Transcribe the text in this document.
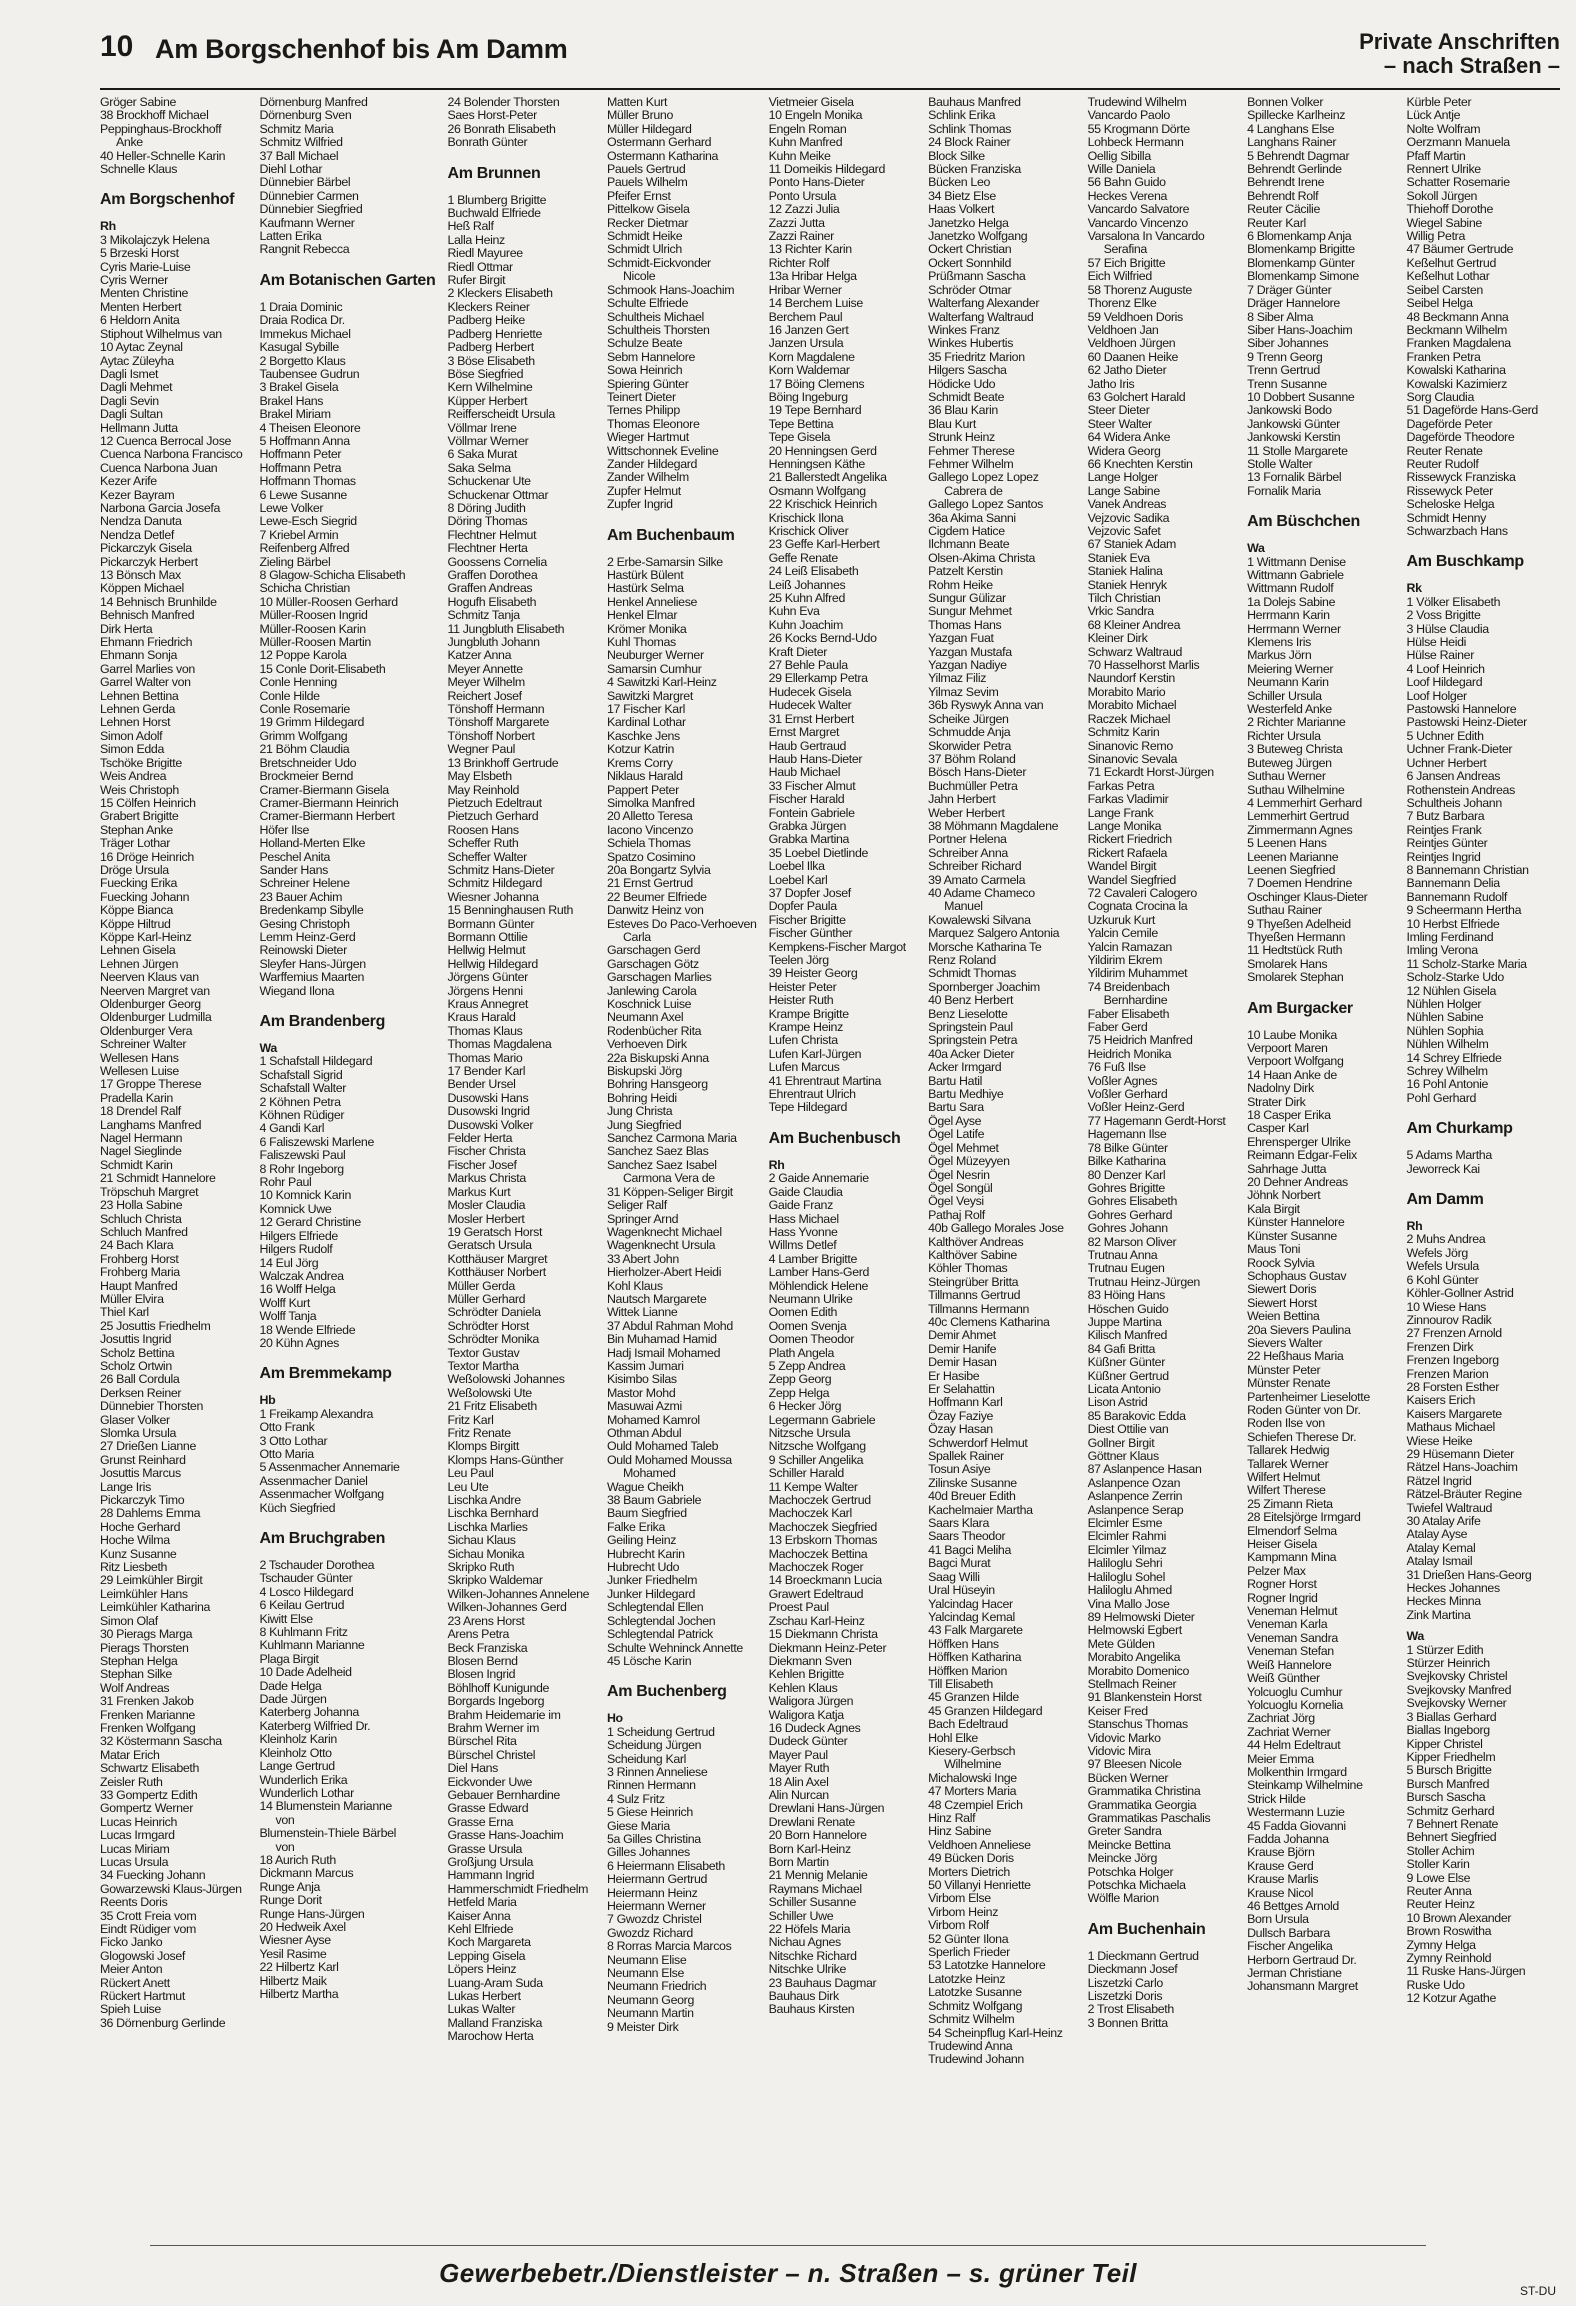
10 Am Borgschenhof bis Am Damm	Private Anschriften
– nach Straßen –
Gröger Sabine
38 Brockhoff Michael
Peppinghaus-Brockhoff
Anke
40 Heller-Schnelle Karin
Schnelle Klaus
Am Borgschenhof
Rh
3 Mikolajczyk Helena
5 Brzeski Horst
Cyris Marie-Luise
Cyris Werner
Menten Christine
Menten Herbert
6 Heldorn Anita
Stiphout Wilhelmus van
10 Aytac Zeynal
Aytac Züleyha
Dagli Ismet
Dagli Mehmet
Dagli Sevin
Dagli Sultan
Hellmann Jutta
12 Cuenca Berrocal Jose
Cuenca Narbona Francisco
Cuenca Narbona Juan
Kezer Arife
Kezer Bayram
Narbona Garcia Josefa
Nendza Danuta
Nendza Detlef
Pickarczyk Gisela
Pickarczyk Herbert
13 Bönsch Max
Köppen Michael
14 Behnisch Brunhilde
Behnisch Manfred
Dirk Herta
Ehmann Friedrich
Ehmann Sonja
Garrel Marlies von
Garrel Walter von
Lehnen Bettina
Lehnen Gerda
Lehnen Horst
Simon Adolf
Simon Edda
Tschöke Brigitte
Weis Andrea
Weis Christoph
15 Cölfen Heinrich
Grabert Brigitte
Stephan Anke
Träger Lothar
16 Dröge Heinrich
Dröge Ursula
Fuecking Erika
Fuecking Johann
Köppe Bianca
Köppe Hiltrud
Köppe Karl-Heinz
Lehnen Gisela
Lehnen Jürgen
Neerven Klaus van
Neerven Margret van
Oldenburger Georg
Oldenburger Ludmilla
Oldenburger Vera
Schreiner Walter
Wellesen Hans
Wellesen Luise
17 Groppe Therese
Pradella Karin
18 Drendel Ralf
Langhams Manfred
Nagel Hermann
Nagel Sieglinde
Schmidt Karin
21 Schmidt Hannelore
Tröpschuh Margret
23 Holla Sabine
Schluch Christa
Schluch Manfred
24 Bach Klara
Frohberg Horst
Frohberg Maria
Haupt Manfred
Müller Elvira
Thiel Karl
25 Josuttis Friedhelm
Josuttis Ingrid
Scholz Bettina
Scholz Ortwin
26 Ball Cordula
Derksen Reiner
Dünnebier Thorsten
Glaser Volker
Slomka Ursula
27 Drießen Lianne
Grunst Reinhard
Josuttis Marcus
Lange Iris
Pickarczyk Timo
28 Dahlems Emma
Hoche Gerhard
Hoche Wilma
Kunz Susanne
Ritz Liesbeth
29 Leimkühler Birgit
Leimkühler Hans
Leimkühler Katharina
Simon Olaf
30 Pierags Marga
Pierags Thorsten
Stephan Helga
Stephan Silke
Wolf Andreas
31 Frenken Jakob
Frenken Marianne
Frenken Wolfgang
32 Köstermann Sascha
Matar Erich
Schwartz Elisabeth
Zeisler Ruth
33 Gompertz Edith
Gompertz Werner
Lucas Heinrich
Lucas Irmgard
Lucas Miriam
Lucas Ursula
34 Fuecking Johann
Gowarzewski Klaus-Jürgen
Reents Doris
35 Crott Freia vom
Eindt Rüdiger vom
Ficko Janko
Glogowski Josef
Meier Anton
Rückert Anett
Rückert Hartmut
Spieh Luise
36 Dörnenburg Gerlinde
Dörnenburg Manfred
Dörnenburg Sven
Schmitz Maria
Schmitz Wilfried
37 Ball Michael
Diehl Lothar
Dünnebier Bärbel
Dünnebier Carmen
Dünnebier Siegfried
Kaufmann Werner
Latten Erika
Rangnit Rebecca
Am Botanischen Garten
1 Draia Dominic
Draia Rodica Dr.
Immekus Michael
Kasugal Sybille
2 Borgetto Klaus
Taubensee Gudrun
3 Brakel Gisela
Brakel Hans
Brakel Miriam
4 Theisen Eleonore
5 Hoffmann Anna
Hoffmann Peter
Hoffmann Petra
Hoffmann Thomas
6 Lewe Susanne
Lewe Volker
Lewe-Esch Siegrid
7 Kriebel Armin
Reifenberg Alfred
Zieling Bärbel
8 Glagow-Schicha Elisabeth
Schicha Christian
10 Müller-Roosen Gerhard
Müller-Roosen Ingrid
Müller-Roosen Karin
Müller-Roosen Martin
12 Poppe Karola
15 Conle Dorit-Elisabeth
Conle Henning
Conle Hilde
Conle Rosemarie
19 Grimm Hildegard
Grimm Wolfgang
21 Böhm Claudia
Bretschneider Udo
Brockmeier Bernd
Cramer-Biermann Gisela
Cramer-Biermann Heinrich
Cramer-Biermann Herbert
Höfer Ilse
Holland-Merten Elke
Peschel Anita
Sander Hans
Schreiner Helene
23 Bauer Achim
Bredenkamp Sibylle
Gesing Christoph
Lemm Heinz-Gerd
Reinowski Dieter
Sleyfer Hans-Jürgen
Warffemius Maarten
Wiegand Ilona
Am Brandenberg
Wa
1 Schafstall Hildegard
Schafstall Sigrid
Schafstall Walter
2 Köhnen Petra
Köhnen Rüdiger
4 Gandi Karl
6 Faliszewski Marlene
Faliszewski Paul
8 Rohr Ingeborg
Rohr Paul
10 Komnick Karin
Komnick Uwe
12 Gerard Christine
Hilgers Elfriede
Hilgers Rudolf
14 Eul Jörg
Walczak Andrea
16 Wolff Helga
Wolff Kurt
Wolff Tanja
18 Wende Elfriede
20 Kühn Agnes
Am Bremmekamp
Hb
1 Freikamp Alexandra
Otto Frank
3 Otto Lothar
Otto Maria
5 Assenmacher Annemarie
Assenmacher Daniel
Assenmacher Wolfgang
Küch Siegfried
Am Bruchgraben
2 Tschauder Dorothea
Tschauder Günter
4 Losco Hildegard
6 Keilau Gertrud
Kiwitt Else
8 Kuhlmann Fritz
Kuhlmann Marianne
Plaga Birgit
10 Dade Adelheid
Dade Helga
Dade Jürgen
Katerberg Johanna
Katerberg Wilfried Dr.
Kleinholz Karin
Kleinholz Otto
Lange Gertrud
Wunderlich Erika
Wunderlich Lothar
14 Blumenstein Marianne
von
Blumenstein-Thiele Bärbel
von
18 Aurich Ruth
Dickmann Marcus
Runge Anja
Runge Dorit
Runge Hans-Jürgen
20 Hedweik Axel
Wiesner Ayse
Yesil Rasime
22 Hilbertz Karl
Hilbertz Maik
Hilbertz Martha
24 Bolender Thorsten
Saes Horst-Peter
26 Bonrath Elisabeth
Bonrath Günter
Am Brunnen
1 Blumberg Brigitte
Buchwald Elfriede
Heß Ralf
Lalla Heinz
Riedl Mayuree
Riedl Ottmar
Rufer Birgit
2 Kleckers Elisabeth
Kleckers Reiner
Padberg Heike
Padberg Henriette
Padberg Herbert
3 Böse Elisabeth
Böse Siegfried
Kern Wilhelmine
Küpper Herbert
Reifferscheidt Ursula
Völlmar Irene
Völlmar Werner
6 Saka Murat
Saka Selma
Schuckenar Ute
Schuckenar Ottmar
8 Döring Judith
Döring Thomas
Flechtner Helmut
Flechtner Herta
Goossens Cornelia
Graffen Dorothea
Graffen Andreas
Hogufh Elisabeth
Schmitz Tanja
11 Jungbluth Elisabeth
Jungbluth Johann
Katzer Anna
Meyer Annette
Meyer Wilhelm
Reichert Josef
Tönshoff Hermann
Tönshoff Margarete
Tönshoff Norbert
Wegner Paul
13 Brinkhoff Gertrude
May Elsbeth
May Reinhold
Pietzuch Edeltraut
Pietzuch Gerhard
Roosen Hans
Scheffer Ruth
Scheffer Walter
Schmitz Hans-Dieter
Schmitz Hildegard
Wiesner Johanna
15 Benninghausen Ruth
Bormann Günter
Bormann Ottilie
Hellwig Helmut
Hellwig Hildegard
Jörgens Günter
Jörgens Henni
Kraus Annegret
Kraus Harald
Thomas Klaus
Thomas Magdalena
Thomas Mario
17 Bender Karl
Bender Ursel
Dusowski Hans
Dusowski Ingrid
Dusowski Volker
Felder Herta
Fischer Christa
Fischer Josef
Markus Christa
Markus Kurt
Mosler Claudia
Mosler Herbert
19 Geratsch Horst
Geratsch Ursula
Kotthäuser Margret
Kotthäuser Norbert
Müller Gerda
Müller Gerhard
Schrödter Daniela
Schrödter Horst
Schrödter Monika
Textor Gustav
Textor Martha
Weßolowski Johannes
Weßolowski Ute
21 Fritz Elisabeth
Fritz Karl
Fritz Renate
Klomps Birgitt
Klomps Hans-Günther
Leu Paul
Leu Ute
Lischka Andre
Lischka Bernhard
Lischka Marlies
Sichau Klaus
Sichau Monika
Skripko Ruth
Skripko Waldemar
Wilken-Johannes Annelene
Wilken-Johannes Gerd
23 Arens Horst
Arens Petra
Beck Franziska
Blosen Bernd
Blosen Ingrid
Böhlhoff Kunigunde
Borgards Ingeborg
Brahm Heidemarie im
Brahm Werner im
Bürschel Rita
Bürschel Christel
Diel Hans
Eickvonder Uwe
Gebauer Bernhardine
Grasse Edward
Grasse Erna
Grasse Hans-Joachim
Grasse Ursula
Großjung Ursula
Hammann Ingrid
Hammerschmidt Friedhelm
Hetfeld Maria
Kaiser Anna
Kehl Elfriede
Koch Margareta
Lepping Gisela
Löpers Heinz
Luang-Aram Suda
Lukas Herbert
Lukas Walter
Malland Franziska
Marochow Herta
Matten Kurt
Müller Bruno
Müller Hildegard
Ostermann Gerhard
Ostermann Katharina
Pauels Gertrud
Pauels Wilhelm
Pfeifer Ernst
Pittelkow Gisela
Recker Dietmar
Schmidt Heike
Schmidt Ulrich
Schmidt-Eickvonder
Nicole
Schmook Hans-Joachim
Schulte Elfriede
Schultheis Michael
Schultheis Thorsten
Schulze Beate
Sebm Hannelore
Sowa Heinrich
Spiering Günter
Teinert Dieter
Ternes Philipp
Thomas Eleonore
Wieger Hartmut
Wittschonnek Eveline
Zander Hildegard
Zander Wilhelm
Zupfer Helmut
Zupfer Ingrid
Am Buchenbaum
2 Erbe-Samarsin Silke
Hastürk Bülent
Hastürk Selma
Henkel Anneliese
Henkel Elmar
Krömer Monika
Kuhl Thomas
Neuburger Werner
Samarsin Cumhur
4 Sawitzki Karl-Heinz
Sawitzki Margret
17 Fischer Karl
Kardinal Lothar
Kaschke Jens
Kotzur Katrin
Krems Corry
Niklaus Harald
Pappert Peter
Simolka Manfred
20 Alletto Teresa
Iacono Vincenzo
Schiela Thomas
Spatzo Cosimino
20a Bongartz Sylvia
21 Ernst Gertrud
22 Beumer Elfriede
Danwitz Heinz von
Esteves Do Paco-Verhoeven
Carla
Garschagen Gerd
Garschagen Götz
Garschagen Marlies
Janlewing Carola
Koschnick Luise
Neumann Axel
Rodenbücher Rita
Verhoeven Dirk
22a Biskupski Anna
Biskupski Jörg
Bohring Hansgeorg
Bohring Heidi
Jung Christa
Jung Siegfried
Sanchez Carmona Maria
Sanchez Saez Blas
Sanchez Saez Isabel
Carmona Vera de
31 Köppen-Seliger Birgit
Seliger Ralf
Springer Arnd
Wagenknecht Michael
Wagenknecht Ursula
33 Abert John
Hierholzer-Abert Heidi
Kohl Klaus
Nautsch Margarete
Wittek Lianne
37 Abdul Rahman Mohd
Bin Muhamad Hamid
Hadj Ismail Mohamed
Kassim Jumari
Kisimbo Silas
Mastor Mohd
Masuwai Azmi
Mohamed Kamrol
Othman Abdul
Ould Mohamed Taleb
Ould Mohamed Moussa
Mohamed
Wague Cheikh
38 Baum Gabriele
Baum Siegfried
Falke Erika
Geiling Heinz
Hubrecht Karin
Hubrecht Udo
Junker Friedhelm
Junker Hildegard
Schlegtendal Ellen
Schlegtendal Jochen
Schlegtendal Patrick
Schulte Wehninck Annette
45 Lösche Karin
Am Buchenberg
Ho
1 Scheidung Gertrud
Scheidung Jürgen
Scheidung Karl
3 Rinnen Anneliese
Rinnen Hermann
4 Sulz Fritz
5 Giese Heinrich
Giese Maria
5a Gilles Christina
Gilles Johannes
6 Heiermann Elisabeth
Heiermann Gertrud
Heiermann Heinz
Heiermann Werner
7 Gwozdz Christel
Gwozdz Richard
8 Rorras Marcia Marcos
Neumann Elise
Neumann Else
Neumann Friedrich
Neumann Georg
Neumann Martin
9 Meister Dirk
Vietmeier Gisela
10 Engeln Monika
Engeln Roman
Kuhn Manfred
Kuhn Meike
11 Domeikis Hildegard
Ponto Hans-Dieter
Ponto Ursula
12 Zazzi Julia
Zazzi Jutta
Zazzi Rainer
13 Richter Karin
Richter Rolf
13a Hribar Helga
Hribar Werner
14 Berchem Luise
Berchem Paul
16 Janzen Gert
Janzen Ursula
Korn Magdalene
Korn Waldemar
17 Böing Clemens
Böing Ingeburg
19 Tepe Bernhard
Tepe Bettina
Tepe Gisela
20 Henningsen Gerd
Henningsen Käthe
21 Ballerstedt Angelika
Osmann Wolfgang
22 Krischick Heinrich
Krischick Ilona
Krischick Oliver
23 Geffe Karl-Herbert
Geffe Renate
24 Leiß Elisabeth
Leiß Johannes
25 Kuhn Alfred
Kuhn Eva
Kuhn Joachim
26 Kocks Bernd-Udo
Kraft Dieter
27 Behle Paula
29 Ellerkamp Petra
Hudecek Gisela
Hudecek Walter
31 Ernst Herbert
Ernst Margret
Haub Gertraud
Haub Hans-Dieter
Haub Michael
33 Fischer Almut
Fischer Harald
Fontein Gabriele
Grabka Jürgen
Grabka Martina
35 Loebel Dietlinde
Loebel Ilka
Loebel Karl
37 Dopfer Josef
Dopfer Paula
Fischer Brigitte
Fischer Günther
Kempkens-Fischer Margot
Teelen Jörg
39 Heister Georg
Heister Peter
Heister Ruth
Krampe Brigitte
Krampe Heinz
Lufen Christa
Lufen Karl-Jürgen
Lufen Marcus
41 Ehrentraut Martina
Ehrentraut Ulrich
Tepe Hildegard
Am Buchenbusch
Rh
2 Gaide Annemarie
Gaide Claudia
Gaide Franz
Hass Michael
Hass Yvonne
Willms Detlef
4 Lamber Brigitte
Lamber Hans-Gerd
Möhlendick Helene
Neumann Ulrike
Oomen Edith
Oomen Svenja
Oomen Theodor
Plath Angela
5 Zepp Andrea
Zepp Georg
Zepp Helga
6 Hecker Jörg
Legermann Gabriele
Nitzsche Ursula
Nitzsche Wolfgang
9 Schiller Angelika
Schiller Harald
11 Kempe Walter
Machoczek Gertrud
Machoczek Karl
Machoczek Siegfried
13 Erbskorn Thomas
Machoczek Bettina
Machoczek Roger
14 Broeckmann Lucia
Grawert Edeltraud
Proest Paul
Zschau Karl-Heinz
15 Diekmann Christa
Diekmann Heinz-Peter
Diekmann Sven
Kehlen Brigitte
Kehlen Klaus
Waligora Jürgen
Waligora Katja
16 Dudeck Agnes
Dudeck Günter
Mayer Paul
Mayer Ruth
18 Alin Axel
Alin Nurcan
Drewlani Hans-Jürgen
Drewlani Renate
20 Born Hannelore
Born Karl-Heinz
Born Martin
21 Mennig Melanie
Raymans Michael
Schiller Susanne
Schiller Uwe
22 Höfels Maria
Nichau Agnes
Nitschke Richard
Nitschke Ulrike
23 Bauhaus Dagmar
Bauhaus Dirk
Bauhaus Kirsten
Bauhaus Manfred
Schlink Erika
Schlink Thomas
24 Block Rainer
Block Silke
Bücken Franziska
Bücken Leo
34 Bietz Else
Haas Volkert
Janetzko Helga
Janetzko Wolfgang
Ockert Christian
Ockert Sonnhild
Prüßmann Sascha
Schröder Otmar
Walterfang Alexander
Walterfang Waltraud
Winkes Franz
Winkes Hubertis
35 Friedritz Marion
Hilgers Sascha
Hödicke Udo
Schmidt Beate
36 Blau Karin
Blau Kurt
Strunk Heinz
Fehmer Therese
Fehmer Wilhelm
Gallego Lopez Lopez
Cabrera de
Gallego Lopez Santos
36a Akima Sanni
Cigdem Hatice
Ilchmann Beate
Olsen-Akima Christa
Patzelt Kerstin
Rohm Heike
Sungur Gülizar
Sungur Mehmet
Thomas Hans
Yazgan Fuat
Yazgan Mustafa
Yazgan Nadiye
Yilmaz Filiz
Yilmaz Sevim
36b Ryswyk Anna van
Scheike Jürgen
Schmudde Anja
Skorwider Petra
37 Böhm Roland
Bösch Hans-Dieter
Buchmüller Petra
Jahn Herbert
Weber Herbert
38 Möhmann Magdalene
Portner Helena
Schreiber Anna
Schreiber Richard
39 Amato Carmela
40 Adame Chameco
Manuel
Kowalewski Silvana
Marquez Salgero Antonia
Morsche Katharina Te
Renz Roland
Schmidt Thomas
Spornberger Joachim
40 Benz Herbert
Benz Lieselotte
Springstein Paul
Springstein Petra
40a Acker Dieter
Acker Irmgard
Bartu Hatil
Bartu Medhiye
Bartu Sara
Ögel Ayse
Ögel Latife
Ögel Mehmet
Ögel Müzeyyen
Ögel Nesrin
Ögel Songül
Ögel Veysi
Pathaj Rolf
40b Gallego Morales Jose
Kalthöver Andreas
Kalthöver Sabine
Köhler Thomas
Steingrüber Britta
Tillmanns Gertrud
Tillmanns Hermann
40c Clemens Katharina
Demir Ahmet
Demir Hanife
Demir Hasan
Er Hasibe
Er Selahattin
Hoffmann Karl
Özay Faziye
Özay Hasan
Schwerdorf Helmut
Spallek Rainer
Tosun Asiye
Zilinske Susanne
40d Breuer Edith
Kachelmaier Martha
Saars Klara
Saars Theodor
41 Bagci Meliha
Bagci Murat
Saag Willi
Ural Hüseyin
Yalcindag Hacer
Yalcindag Kemal
43 Falk Margarete
Höffken Hans
Höffken Katharina
Höffken Marion
Till Elisabeth
45 Granzen Hilde
45 Granzen Hildegard
Bach Edeltraud
Hohl Elke
Kiesery-Gerbsch
Wilhelmine
Michalowski Inge
47 Morters Maria
48 Czempiel Erich
Hinz Ralf
Hinz Sabine
Veldhoen Anneliese
49 Bücken Doris
Morters Dietrich
50 Villanyi Henriette
Virbom Else
Virbom Heinz
Virbom Rolf
52 Günter Ilona
Sperlich Frieder
53 Latotzke Hannelore
Latotzke Heinz
Latotzke Susanne
Schmitz Wolfgang
Schmitz Wilhelm
54 Scheinpflug Karl-Heinz
Trudewind Anna
Trudewind Johann
Trudewind Wilhelm
Vancardo Paolo
55 Krogmann Dörte
Lohbeck Hermann
Oellig Sibilla
Wille Daniela
56 Bahn Guido
Heckes Verena
Vancardo Salvatore
Vancardo Vincenzo
Varsalona In Vancardo
Serafina
57 Eich Brigitte
Eich Wilfried
58 Thorenz Auguste
Thorenz Elke
59 Veldhoen Doris
Veldhoen Jan
Veldhoen Jürgen
60 Daanen Heike
62 Jatho Dieter
Jatho Iris
63 Golchert Harald
Steer Dieter
Steer Walter
64 Widera Anke
Widera Georg
66 Knechten Kerstin
Lange Holger
Lange Sabine
Vanek Andreas
Vejzovic Sadika
Vejzovic Safet
67 Staniek Adam
Staniek Eva
Staniek Halina
Staniek Henryk
Tilch Christian
Vrkic Sandra
68 Kleiner Andrea
Kleiner Dirk
Schwarz Waltraud
70 Hasselhorst Marlis
Naundorf Kerstin
Morabito Mario
Morabito Michael
Raczek Michael
Schmitz Karin
Sinanovic Remo
Sinanovic Sevala
71 Eckardt Horst-Jürgen
Farkas Petra
Farkas Vladimir
Lange Frank
Lange Monika
Rickert Friedrich
Rickert Rafaela
Wandel Birgit
Wandel Siegfried
72 Cavaleri Calogero
Cognata Crocina la
Uzkuruk Kurt
Yalcin Cemile
Yalcin Ramazan
Yildirim Ekrem
Yildirim Muhammet
74 Breidenbach
Bernhardine
Faber Elisabeth
Faber Gerd
75 Heidrich Manfred
Heidrich Monika
76 Fuß Ilse
Voßler Agnes
Voßler Gerhard
Voßler Heinz-Gerd
77 Hagemann Gerdt-Horst
Hagemann Ilse
78 Bilke Günter
Bilke Katharina
80 Denzer Karl
Gohres Brigitte
Gohres Elisabeth
Gohres Gerhard
Gohres Johann
82 Marson Oliver
Trutnau Anna
Trutnau Eugen
Trutnau Heinz-Jürgen
83 Höing Hans
Höschen Guido
Juppe Martina
Kilisch Manfred
84 Gafi Britta
Küßner Günter
Küßner Gertrud
Licata Antonio
Lison Astrid
85 Barakovic Edda
Diest Ottilie van
Gollner Birgit
Göttner Klaus
87 Aslanpence Hasan
Aslanpence Ozan
Aslanpence Zerrin
Aslanpence Serap
Elcimler Esme
Elcimler Rahmi
Elcimler Yilmaz
Haliloglu Sehri
Haliloglu Sohel
Haliloglu Ahmed
Vina Mallo Jose
89 Helmowski Dieter
Helmowski Egbert
Mete Gülden
Morabito Angelika
Morabito Domenico
Stellmach Reiner
91 Blankenstein Horst
Keiser Fred
Stanschus Thomas
Vidovic Marko
Vidovic Mira
97 Bleesen Nicole
Bücken Werner
Grammatika Christina
Grammatika Georgia
Grammatikas Paschalis
Greter Sandra
Meincke Bettina
Meincke Jörg
Potschka Holger
Potschka Michaela
Wölfle Marion
Am Buchenhain
1 Dieckmann Gertrud
Dieckmann Josef
Liszetzki Carlo
Liszetzki Doris
2 Trost Elisabeth
3 Bonnen Britta
Bonnen Volker
Spillecke Karlheinz
4 Langhans Else
Langhans Rainer
5 Behrendt Dagmar
Behrendt Gerlinde
Behrendt Irene
Behrendt Rolf
Reuter Cäcilie
Reuter Karl
6 Blomenkamp Anja
Blomenkamp Brigitte
Blomenkamp Günter
Blomenkamp Simone
7 Dräger Günter
Dräger Hannelore
8 Siber Alma
Siber Hans-Joachim
Siber Johannes
9 Trenn Georg
Trenn Gertrud
Trenn Susanne
10 Dobbert Susanne
Jankowski Bodo
Jankowski Günter
Jankowski Kerstin
11 Stolle Margarete
Stolle Walter
13 Fornalik Bärbel
Fornalik Maria
Am Büschchen
Wa
1 Wittmann Denise
Wittmann Gabriele
Wittmann Rudolf
1a Dolejs Sabine
Herrmann Karin
Herrmann Werner
Klemens Iris
Markus Jörn
Meiering Werner
Neumann Karin
Schiller Ursula
Westerfeld Anke
2 Richter Marianne
Richter Ursula
3 Buteweg Christa
Buteweg Jürgen
Suthau Werner
Suthau Wilhelmine
4 Lemmerhirt Gerhard
Lemmerhirt Gertrud
Zimmermann Agnes
5 Leenen Hans
Leenen Marianne
Leenen Siegfried
7 Doemen Hendrine
Oschinger Klaus-Dieter
Suthau Rainer
9 Thyeßen Adelheid
Thyeßen Hermann
11 Hedtstück Ruth
Smolarek Hans
Smolarek Stephan
Am Burgacker
10 Laube Monika
Verpoort Maren
Verpoort Wolfgang
14 Haan Anke de
Nadolny Dirk
Strater Dirk
18 Casper Erika
Casper Karl
Ehrensperger Ulrike
Reimann Edgar-Felix
Sahrhage Jutta
20 Dehner Andreas
Jöhnk Norbert
Kala Birgit
Künster Hannelore
Künster Susanne
Maus Toni
Roock Sylvia
Schophaus Gustav
Siewert Doris
Siewert Horst
Weien Bettina
20a Sievers Paulina
Sievers Walter
22 Heßhaus Maria
Münster Peter
Münster Renate
Partenheimer Lieselotte
Roden Günter von Dr.
Roden Ilse von
Schiefen Therese Dr.
Tallarek Hedwig
Tallarek Werner
Wilfert Helmut
Wilfert Therese
25 Zimann Rieta
28 Eitelsjörge Irmgard
Elmendorf Selma
Heiser Gisela
Kampmann Mina
Pelzer Max
Rogner Horst
Rogner Ingrid
Veneman Helmut
Veneman Karla
Veneman Sandra
Veneman Stefan
Weiß Hannelore
Weiß Günther
Yolcuoglu Cumhur
Yolcuoglu Kornelia
Zachriat Jörg
Zachriat Werner
44 Helm Edeltraut
Meier Emma
Molkenthin Irmgard
Steinkamp Wilhelmine
Strick Hilde
Westermann Luzie
45 Fadda Giovanni
Fadda Johanna
Krause Björn
Krause Gerd
Krause Marlis
Krause Nicol
46 Bettges Arnold
Born Ursula
Dullsch Barbara
Fischer Angelika
Herborn Gertraud Dr.
Jerman Christiane
Johansmann Margret
Kürble Peter
Lück Antje
Nolte Wolfram
Oerzmann Manuela
Pfaff Martin
Rennert Ulrike
Schatter Rosemarie
Sokoll Jürgen
Thiehoff Dorothe
Wiegel Sabine
Willig Petra
47 Bäumer Gertrude
Keßelhut Gertrud
Keßelhut Lothar
Seibel Carsten
Seibel Helga
48 Beckmann Anna
Beckmann Wilhelm
Franken Magdalena
Franken Petra
Kowalski Katharina
Kowalski Kazimierz
Sorg Claudia
51 Dageförde Hans-Gerd
Dageförde Peter
Dageförde Theodore
Reuter Renate
Reuter Rudolf
Rissewyck Franziska
Rissewyck Peter
Scheloske Helga
Schmidt Henny
Schwarzbach Hans
Am Buschkamp
Rk
1 Völker Elisabeth
2 Voss Brigitte
3 Hülse Claudia
Hülse Heidi
Hülse Rainer
4 Loof Heinrich
Loof Hildegard
Loof Holger
Pastowski Hannelore
Pastowski Heinz-Dieter
5 Uchner Edith
Uchner Frank-Dieter
Uchner Herbert
6 Jansen Andreas
Rothenstein Andreas
Schultheis Johann
7 Butz Barbara
Reintjes Frank
Reintjes Günter
Reintjes Ingrid
8 Bannemann Christian
Bannemann Delia
Bannemann Rudolf
9 Scheermann Hertha
10 Herbst Elfriede
Imling Ferdinand
Imling Verona
11 Scholz-Starke Maria
Scholz-Starke Udo
12 Nühlen Gisela
Nühlen Holger
Nühlen Sabine
Nühlen Sophia
Nühlen Wilhelm
14 Schrey Elfriede
Schrey Wilhelm
16 Pohl Antonie
Pohl Gerhard
Am Churkamp
5 Adams Martha
Jeworreck Kai
Am Damm
Rh
2 Muhs Andrea
Wefels Jörg
Wefels Ursula
6 Kohl Günter
Köhler-Gollner Astrid
10 Wiese Hans
Zinnourov Radik
27 Frenzen Arnold
Frenzen Dirk
Frenzen Ingeborg
Frenzen Marion
28 Forsten Esther
Kaisers Erich
Kaisers Margarete
Mathaus Michael
Wiese Heike
29 Hüsemann Dieter
Rätzel Hans-Joachim
Rätzel Ingrid
Rätzel-Bräuter Regine
Twiefel Waltraud
30 Atalay Arife
Atalay Ayse
Atalay Kemal
Atalay Ismail
31 Drießen Hans-Georg
Heckes Johannes
Heckes Minna
Zink Martina
Wa
1 Stürzer Edith
Stürzer Heinrich
Svejkovsky Christel
Svejkovsky Manfred
Svejkovsky Werner
3 Biallas Gerhard
Biallas Ingeborg
Kipper Christel
Kipper Friedhelm
5 Bursch Brigitte
Bursch Manfred
Bursch Sascha
Schmitz Gerhard
7 Behnert Renate
Behnert Siegfried
Stoller Achim
Stoller Karin
9 Lowe Else
Reuter Anna
Reuter Heinz
10 Brown Alexander
Brown Roswitha
Zymny Helga
Zymny Reinhold
11 Ruske Hans-Jürgen
Ruske Udo
12 Kotzur Agathe
Gewerbebetr./Dienstleister – n. Straßen – s. grüner Teil
ST-DU
